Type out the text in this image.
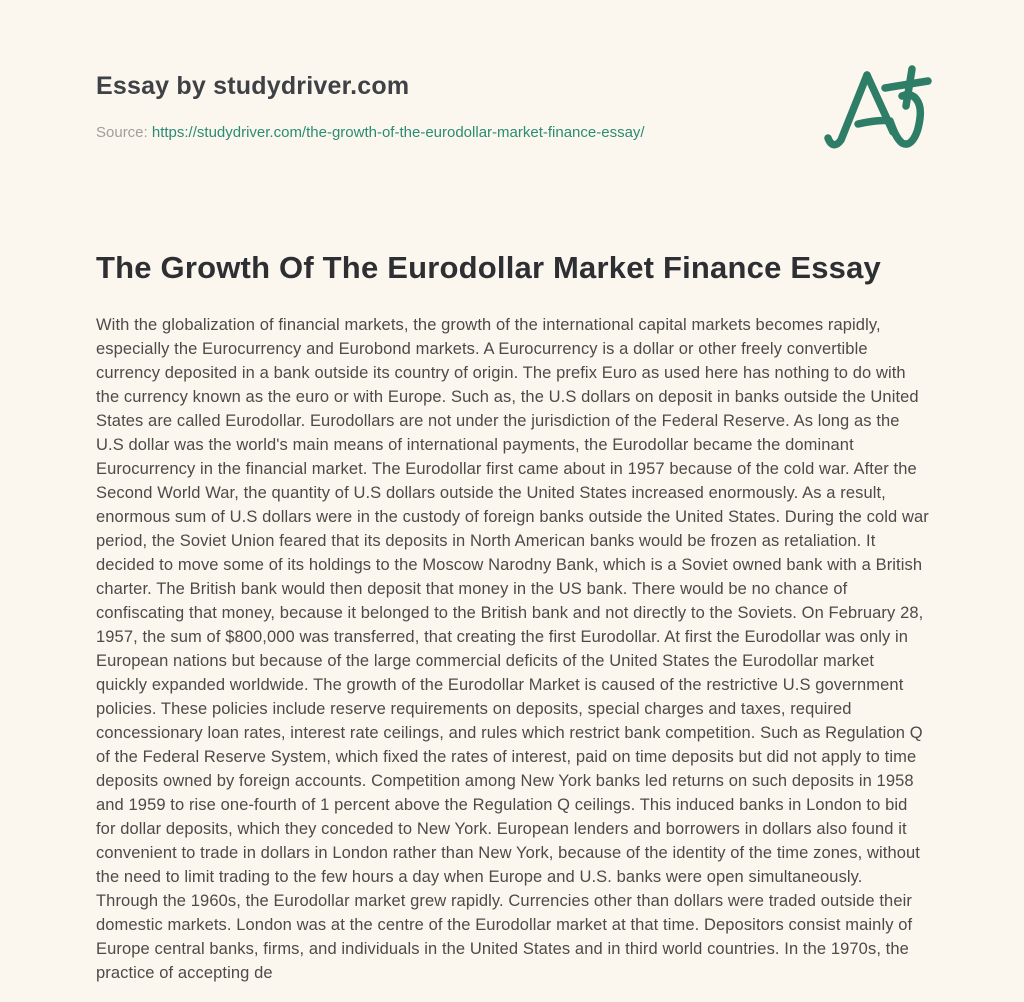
Essay by studydriver.com

Source: https://studydriver.com/the-growth-of-the-eurodollar-market-finance-essay/

The Growth Of The Eurodollar Market Finance Essay

With the globalization of financial markets, the growth of the international capital markets becomes rapidly, especially the Eurocurrency and Eurobond markets. A Eurocurrency is a dollar or other freely convertible currency deposited in a bank outside its country of origin. The prefix Euro as used here has nothing to do with the currency known as the euro or with Europe. Such as, the U.S dollars on deposit in banks outside the United States are called Eurodollar. Eurodollars are not under the jurisdiction of the Federal Reserve. As long as the U.S dollar was the world's main means of international payments, the Eurodollar became the dominant Eurocurrency in the financial market. The Eurodollar first came about in 1957 because of the cold war. After the Second World War, the quantity of U.S dollars outside the United States increased enormously. As a result, enormous sum of U.S dollars were in the custody of foreign banks outside the United States. During the cold war period, the Soviet Union feared that its deposits in North American banks would be frozen as retaliation. It decided to move some of its holdings to the Moscow Narodny Bank, which is a Soviet owned bank with a British charter. The British bank would then deposit that money in the US bank. There would be no chance of confiscating that money, because it belonged to the British bank and not directly to the Soviets. On February 28, 1957, the sum of $800,000 was transferred, that creating the first Eurodollar. At first the Eurodollar was only in European nations but because of the large commercial deficits of the United States the Eurodollar market quickly expanded worldwide. The growth of the Eurodollar Market is caused of the restrictive U.S government policies. These policies include reserve requirements on deposits, special charges and taxes, required concessionary loan rates, interest rate ceilings, and rules which restrict bank competition. Such as Regulation Q of the Federal Reserve System, which fixed the rates of interest, paid on time deposits but did not apply to time deposits owned by foreign accounts. Competition among New York banks led returns on such deposits in 1958 and 1959 to rise one-fourth of 1 percent above the Regulation Q ceilings. This induced banks in London to bid for dollar deposits, which they conceded to New York. European lenders and borrowers in dollars also found it convenient to trade in dollars in London rather than New York, because of the identity of the time zones, without the need to limit trading to the few hours a day when Europe and U.S. banks were open simultaneously. Through the 1960s, the Eurodollar market grew rapidly. Currencies other than dollars were traded outside their domestic markets. London was at the centre of the Eurodollar market at that time. Depositors consist mainly of Europe central banks, firms, and individuals in the United States and in third world countries. In the 1970s, the practice of accepting de
